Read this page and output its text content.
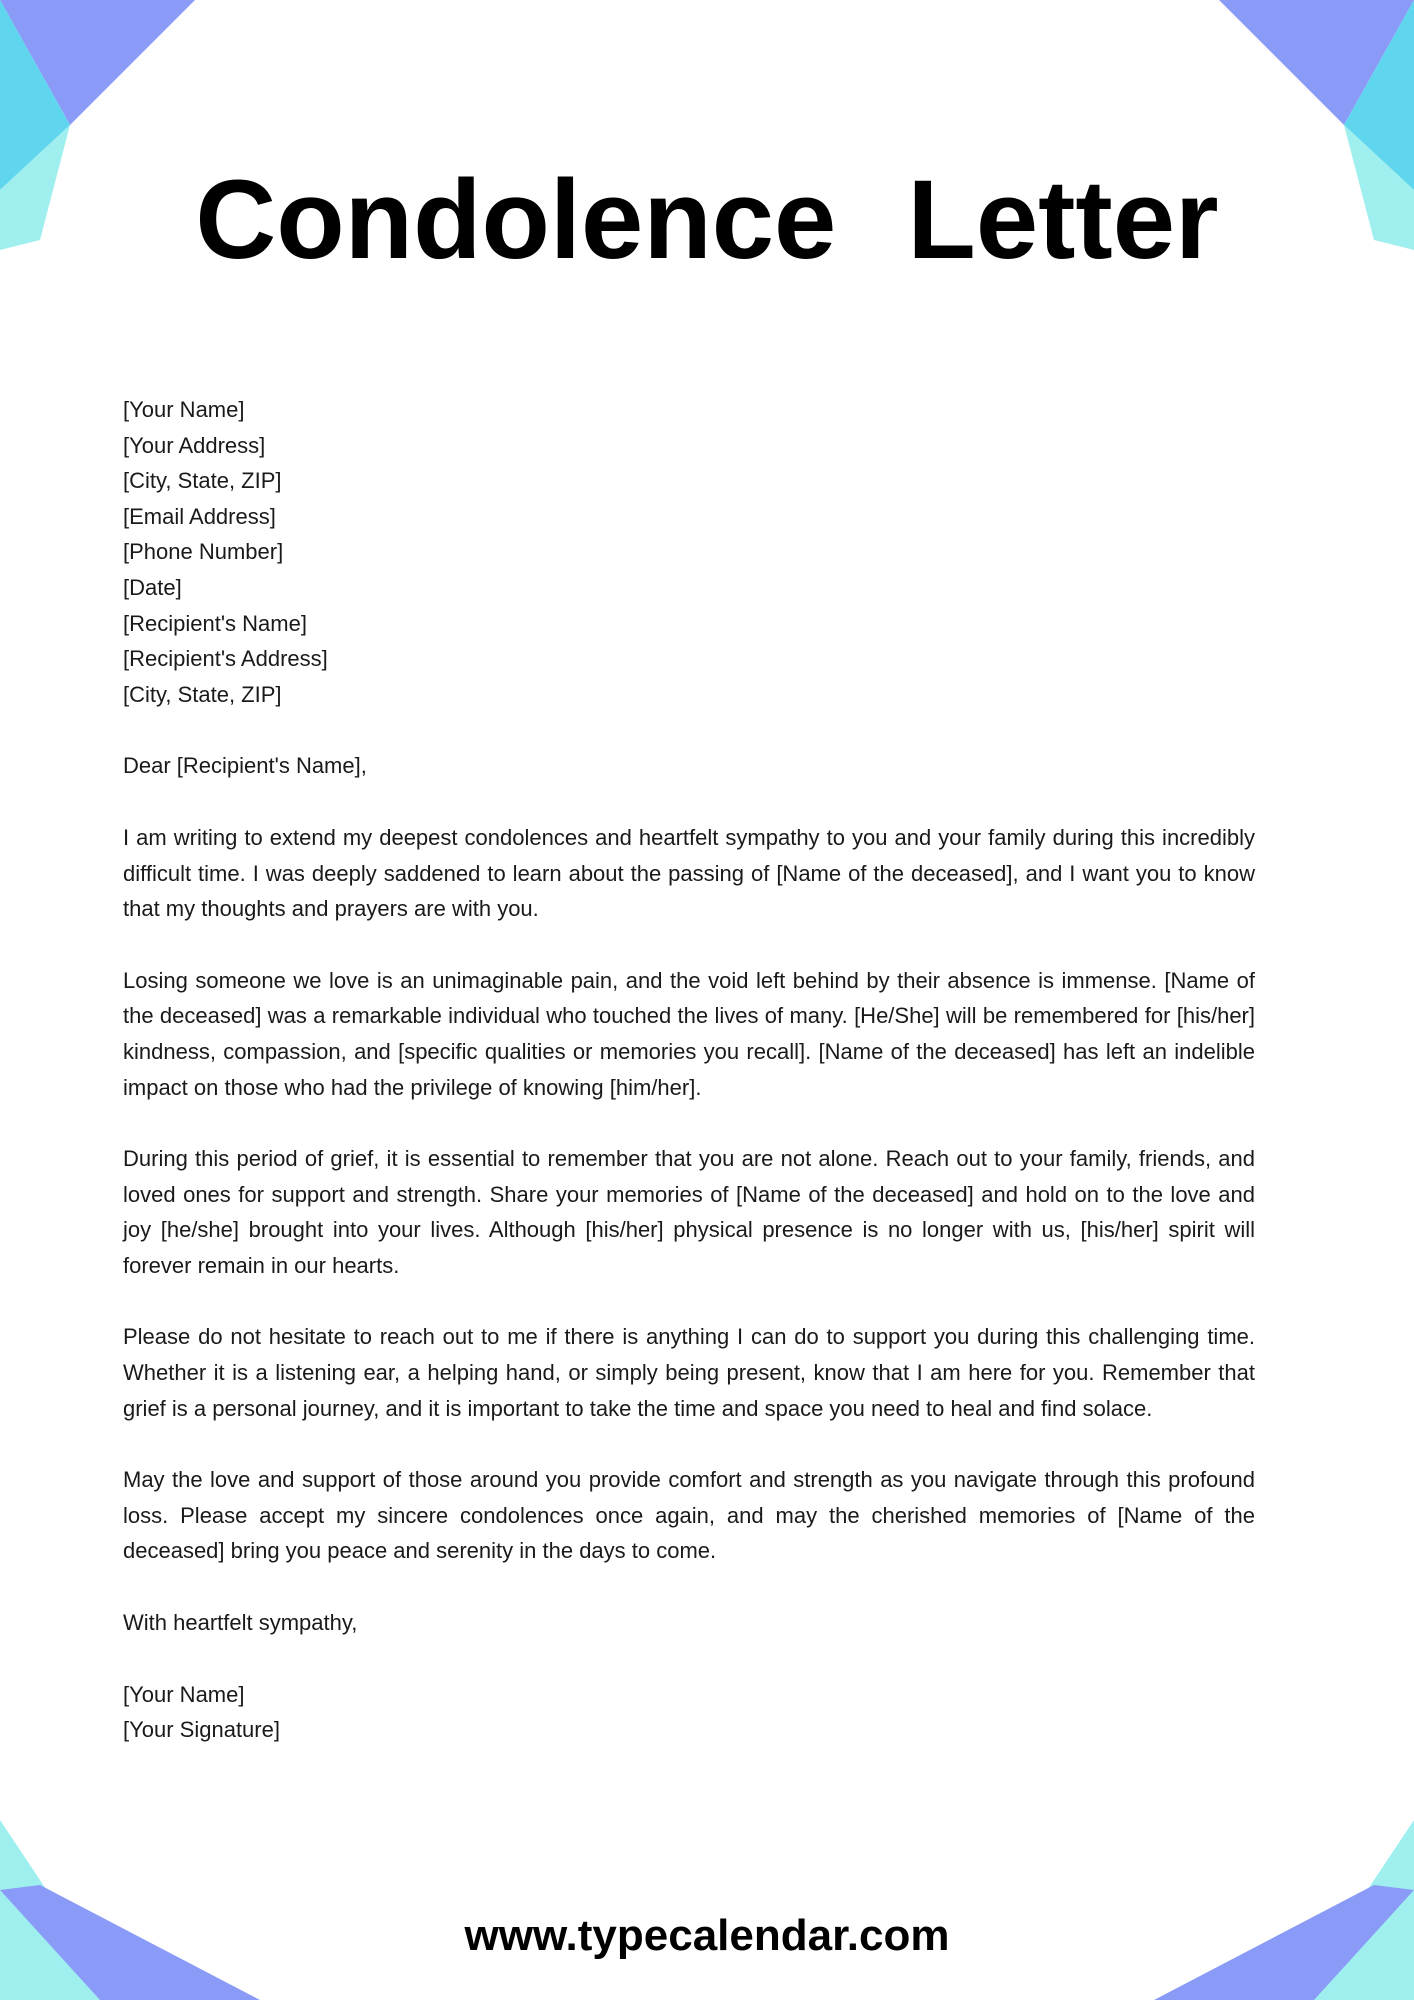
Condolence Letter
[Your Name]
[Your Address]
[City, State, ZIP]
[Email Address]
[Phone Number]
[Date]
[Recipient's Name]
[Recipient's Address]
[City, State, ZIP]
Dear [Recipient's Name],

I am writing to extend my deepest condolences and heartfelt sympathy to you and your family during this incredibly difficult time. I was deeply saddened to learn about the passing of [Name of the deceased], and I want you to know that my thoughts and prayers are with you.

Losing someone we love is an unimaginable pain, and the void left behind by their absence is immense. [Name of the deceased] was a remarkable individual who touched the lives of many. [He/She] will be remembered for [his/her] kindness, compassion, and [specific qualities or memories you recall]. [Name of the deceased] has left an indelible impact on those who had the privilege of knowing [him/her].

During this period of grief, it is essential to remember that you are not alone. Reach out to your family, friends, and loved ones for support and strength. Share your memories of [Name of the deceased] and hold on to the love and joy [he/she] brought into your lives. Although [his/her] physical presence is no longer with us, [his/her] spirit will forever remain in our hearts.

Please do not hesitate to reach out to me if there is anything I can do to support you during this challenging time. Whether it is a listening ear, a helping hand, or simply being present, know that I am here for you. Remember that grief is a personal journey, and it is important to take the time and space you need to heal and find solace.

May the love and support of those around you provide comfort and strength as you navigate through this profound loss. Please accept my sincere condolences once again, and may the cherished memories of [Name of the deceased] bring you peace and serenity in the days to come.

With heartfelt sympathy,
[Your Name]
[Your Signature]
www.typecalendar.com
